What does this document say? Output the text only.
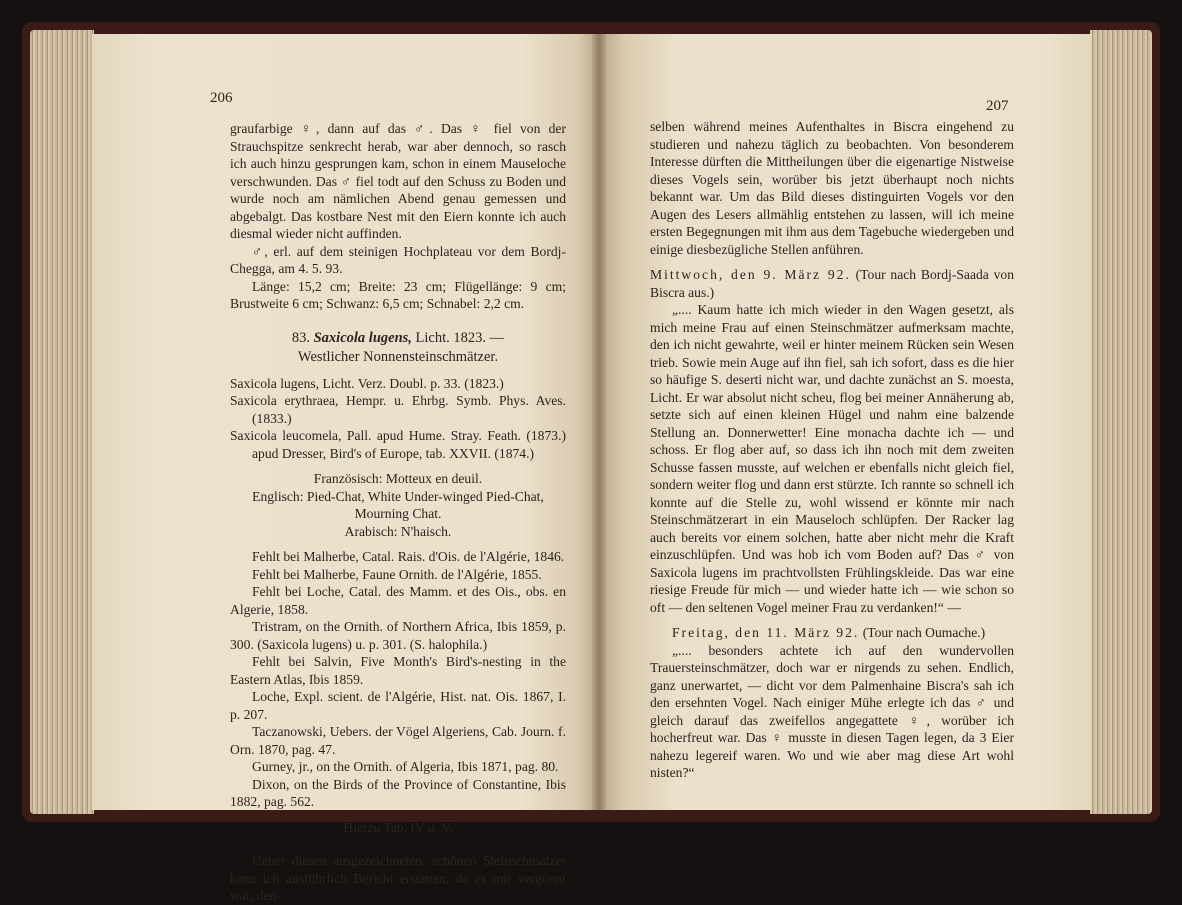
206

graufarbige ♀, dann auf das ♂. Das ♀ fiel von der Strauchspitze senkrecht herab, war aber dennoch, so rasch ich auch hinzu gesprungen kam, schon in einem Mauseloche verschwunden. Das ♂ fiel todt auf den Schuss zu Boden und wurde noch am nämlichen Abend genau gemessen und abgebalgt. Das kostbare Nest mit den Eiern konnte ich auch diesmal wieder nicht auffinden.

♂, erl. auf dem steinigen Hochplateau vor dem Bordj-Chegga, am 4. 5. 93.

Länge: 15,2 cm; Breite: 23 cm; Flügellänge: 9 cm; Brustweite 6 cm; Schwanz: 6,5 cm; Schnabel: 2,2 cm.

83. Saxicola lugens, Licht. 1823. —

Westlicher Nonnensteinschmätzer.

Saxicola lugens, Licht. Verz. Doubl. p. 33. (1823.)

Saxicola erythraea, Hempr. u. Ehrbg. Symb. Phys. Aves. (1833.)

Saxicola leucomela, Pall. apud Hume. Stray. Feath. (1873.) apud Dresser, Bird's of Europe, tab. XXVII. (1874.)

Französisch: Motteux en deuil.

Englisch: Pied-Chat, White Under-winged Pied-Chat, Mourning Chat.

Arabisch: N'haisch.

Fehlt bei Malherbe, Catal. Rais. d'Ois. de l'Algérie, 1846.

Fehlt bei Malherbe, Faune Ornith. de l'Algérie, 1855.

Fehlt bei Loche, Catal. des Mamm. et des Ois., obs. en Algerie, 1858.

Tristram, on the Ornith. of Northern Africa, Ibis 1859, p. 300. (Saxicola lugens) u. p. 301. (S. halophila.)

Fehlt bei Salvin, Five Month's Bird's-nesting in the Eastern Atlas, Ibis 1859.

Loche, Expl. scient. de l'Algérie, Hist. nat. Ois. 1867, I. p. 207.

Taczanowski, Uebers. der Vögel Algeriens, Cab. Journ. f. Orn. 1870, pag. 47.

Gurney, jr., on the Ornith. of Algeria, Ibis 1871, pag. 80.

Dixon, on the Birds of the Province of Constantine, Ibis 1882, pag. 562.

Hierzu Tab. IV u. V.

Ueber diesen ausgezeichneten, schönen Steinschmätzer kann ich ausführlich Bericht erstatten, da es mir vergönnt war, den-

207

selben während meines Aufenthaltes in Biscra eingehend zu studieren und nahezu täglich zu beobachten. Von besonderem Interesse dürften die Mittheilungen über die eigenartige Nistweise dieses Vogels sein, worüber bis jetzt überhaupt noch nichts bekannt war. Um das Bild dieses distinguirten Vogels vor den Augen des Lesers allmählig entstehen zu lassen, will ich meine ersten Begegnungen mit ihm aus dem Tagebuche wiedergeben und einige diesbezügliche Stellen anführen.

Mittwoch, den 9. März 92. (Tour nach Bordj-Saada von Biscra aus.)

„.... Kaum hatte ich mich wieder in den Wagen gesetzt, als mich meine Frau auf einen Steinschmätzer aufmerksam machte, den ich nicht gewahrte, weil er hinter meinem Rücken sein Wesen trieb. Sowie mein Auge auf ihn fiel, sah ich sofort, dass es die hier so häufige S. deserti nicht war, und dachte zunächst an S. moesta, Licht. Er war absolut nicht scheu, flog bei meiner Annäherung ab, setzte sich auf einen kleinen Hügel und nahm eine balzende Stellung an. Donnerwetter! Eine monacha dachte ich — und schoss. Er flog aber auf, so dass ich ihn noch mit dem zweiten Schusse fassen musste, auf welchen er ebenfalls nicht gleich fiel, sondern weiter flog und dann erst stürzte. Ich rannte so schnell ich konnte auf die Stelle zu, wohl wissend er könnte mir nach Steinschmätzerart in ein Mauseloch schlüpfen. Der Racker lag auch bereits vor einem solchen, hatte aber nicht mehr die Kraft einzuschlüpfen. Und was hob ich vom Boden auf? Das ♂ von Saxicola lugens im prachtvollsten Frühlingskleide. Das war eine riesige Freude für mich — und wieder hatte ich — wie schon so oft — den seltenen Vogel meiner Frau zu verdanken!“ —

Freitag, den 11. März 92. (Tour nach Oumache.)

„.... besonders achtete ich auf den wundervollen Trauersteinschmätzer, doch war er nirgends zu sehen. Endlich, ganz unerwartet, — dicht vor dem Palmenhaine Biscra's sah ich den ersehnten Vogel. Nach einiger Mühe erlegte ich das ♂ und gleich darauf das zweifellos angegattete ♀, worüber ich hocherfreut war. Das ♀ musste in diesen Tagen legen, da 3 Eier nahezu legereif waren. Wo und wie aber mag diese Art wohl nisten?“
